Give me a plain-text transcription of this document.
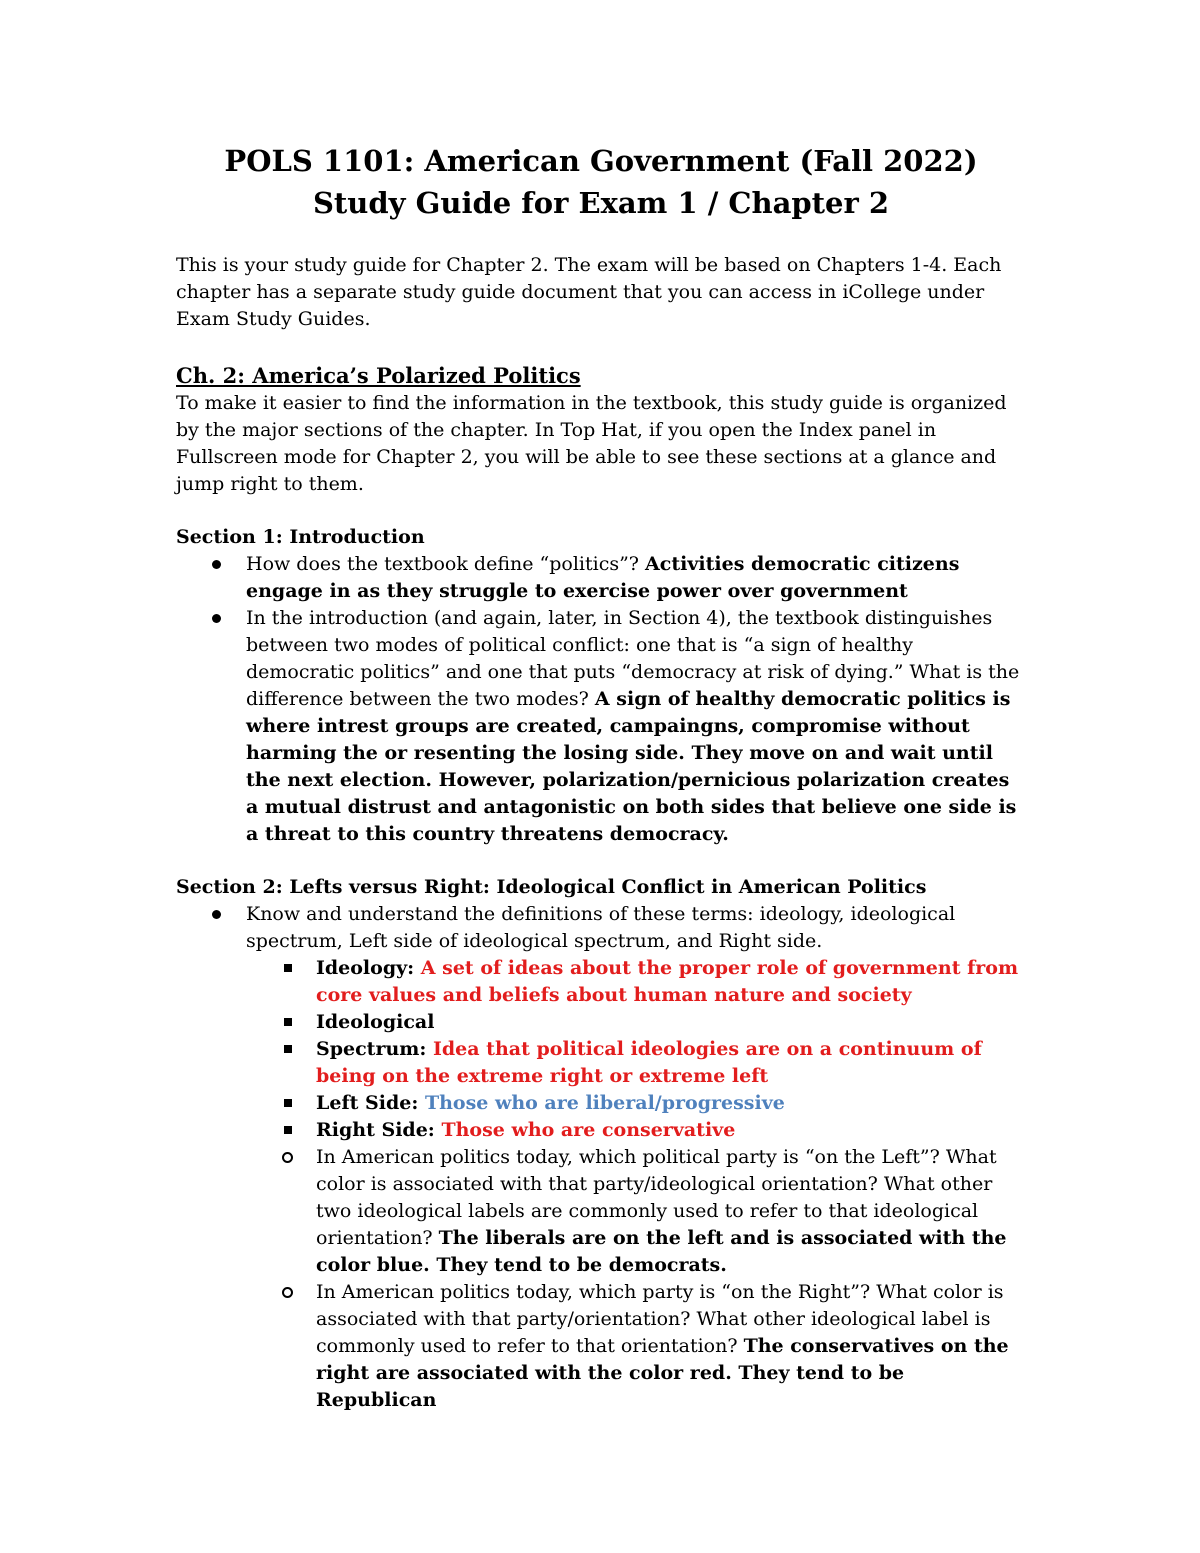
POLS 1101: American Government (Fall 2022)
Study Guide for Exam 1 / Chapter 2

This is your study guide for Chapter 2. The exam will be based on Chapters 1-4. Each chapter has a separate study guide document that you can access in iCollege under Exam Study Guides.

Ch. 2: America’s Polarized Politics

To make it easier to find the information in the textbook, this study guide is organized by the major sections of the chapter. In Top Hat, if you open the Index panel in Fullscreen mode for Chapter 2, you will be able to see these sections at a glance and jump right to them.

Section 1: Introduction
How does the textbook define “politics”? Activities democratic citizens engage in as they struggle to exercise power over government
In the introduction (and again, later, in Section 4), the textbook distinguishes between two modes of political conflict: one that is “a sign of healthy democratic politics” and one that puts “democracy at risk of dying.” What is the difference between the two modes? A sign of healthy democratic politics is where intrest groups are created, campaingns, compromise without harming the or resenting the losing side. They move on and wait until the next election. However, polarization/pernicious polarization creates a mutual distrust and antagonistic on both sides that believe one side is a threat to this country threatens democracy.
Section 2: Lefts versus Right: Ideological Conflict in American Politics
Know and understand the definitions of these terms: ideology, ideological spectrum, Left side of ideological spectrum, and Right side.
Ideology: A set of ideas about the proper role of government from core values and beliefs about human nature and society
Ideological
Spectrum: Idea that political ideologies are on a continuum of being on the extreme right or extreme left
Left Side: Those who are liberal/progressive
Right Side: Those who are conservative
In American politics today, which political party is “on the Left”? What color is associated with that party/ideological orientation? What other two ideological labels are commonly used to refer to that ideological orientation? The liberals are on the left and is associated with the color blue. They tend to be democrats.
In American politics today, which party is “on the Right”? What color is associated with that party/orientation? What other ideological label is commonly used to refer to that orientation? The conservatives on the right are associated with the color red. They tend to be Republican
